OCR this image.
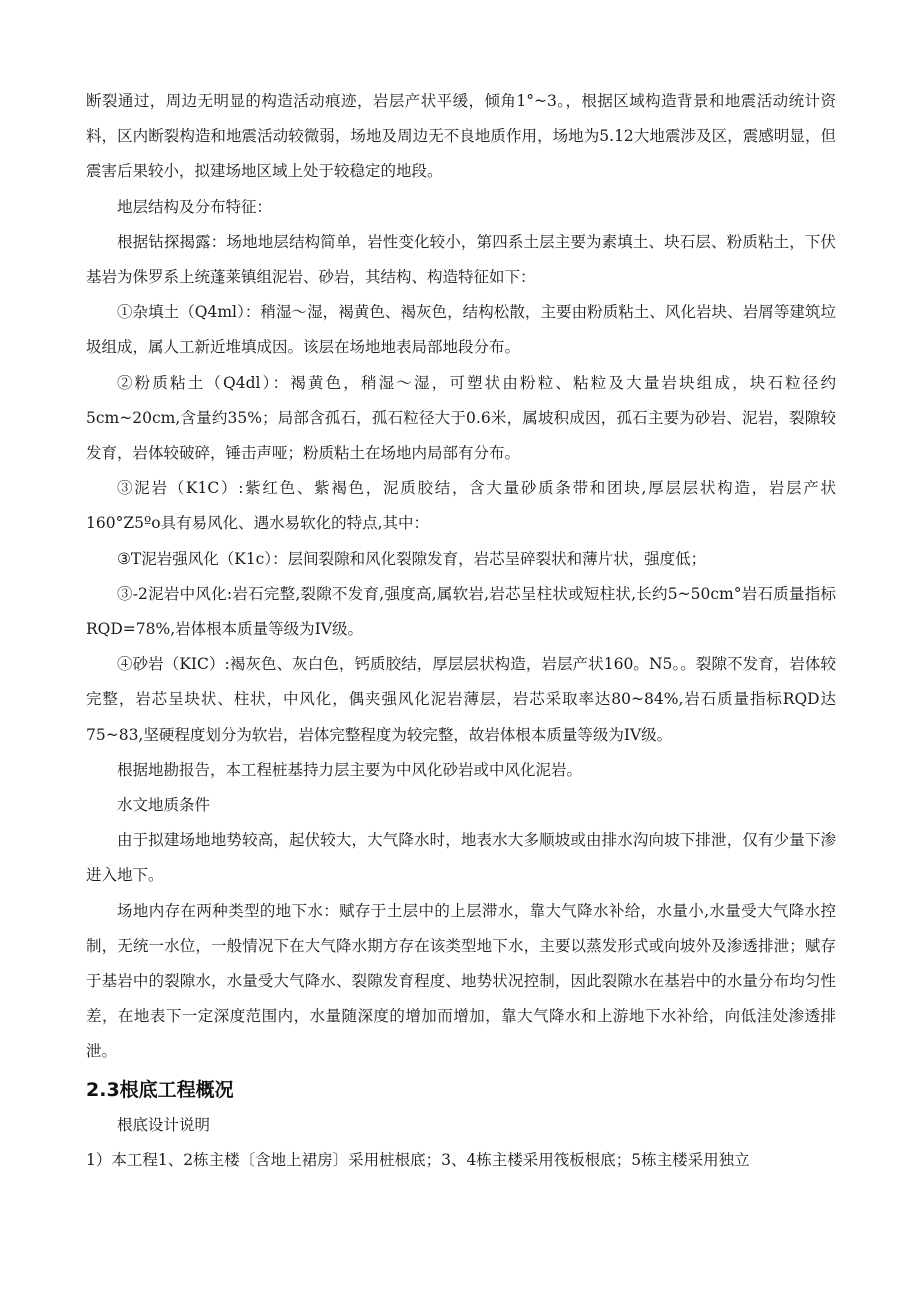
断裂通过，周边无明显的构造活动痕迹，岩层产状平缓，倾角1°~3。，根据区域构造背景和地震活动统计资料，区内断裂构造和地震活动较微弱，场地及周边无不良地质作用，场地为5.12大地震涉及区，震感明显，但震害后果较小，拟建场地区域上处于较稳定的地段。

地层结构及分布特征：

根据钻探揭露：场地地层结构简单，岩性变化较小，第四系土层主要为素填土、块石层、粉质粘土，下伏基岩为侏罗系上统蓬莱镇组泥岩、砂岩，其结构、构造特征如下：

①杂填土（Q4ml）：稍湿～湿，褐黄色、褐灰色，结构松散，主要由粉质粘土、风化岩块、岩屑等建筑垃圾组成，属人工新近堆填成因。该层在场地地表局部地段分布。

②粉质粘土（Q4dl）：褐黄色，稍湿～湿，可塑状由粉粒、粘粒及大量岩块组成，块石粒径约5cm~20cm,含量约35%；局部含孤石，孤石粒径大于0.6米，属坡积成因，孤石主要为砂岩、泥岩，裂隙较发育，岩体较破碎，锤击声哑；粉质粘土在场地内局部有分布。

③泥岩（K1C）:紫红色、紫褐色，泥质胶结，含大量砂质条带和团块,厚层层状构造，岩层产状160°Z5ºo具有易风化、遇水易软化的特点,其中：

③T泥岩强风化（K1c）：层间裂隙和风化裂隙发育，岩芯呈碎裂状和薄片状，强度低；

③-2泥岩中风化:岩石完整,裂隙不发育,强度高,属软岩,岩芯呈柱状或短柱状,长约5~50cm°岩石质量指标RQD=78%,岩体根本质量等级为IV级。

④砂岩（KIC）:褐灰色、灰白色，钙质胶结，厚层层状构造，岩层产状160。N5。。裂隙不发育，岩体较完整，岩芯呈块状、柱状，中风化，偶夹强风化泥岩薄层，岩芯采取率达80~84%,岩石质量指标RQD达75~83,坚硬程度划分为软岩，岩体完整程度为较完整，故岩体根本质量等级为IV级。

根据地勘报告，本工程桩基持力层主要为中风化砂岩或中风化泥岩。

水文地质条件

由于拟建场地地势较高，起伏较大，大气降水时，地表水大多顺坡或由排水沟向坡下排泄，仅有少量下渗进入地下。

场地内存在两种类型的地下水：赋存于土层中的上层滞水，靠大气降水补给，水量小,水量受大气降水控制，无统一水位，一般情况下在大气降水期方存在该类型地下水，主要以蒸发形式或向坡外及渗透排泄；赋存于基岩中的裂隙水，水量受大气降水、裂隙发育程度、地势状况控制，因此裂隙水在基岩中的水量分布均匀性差，在地表下一定深度范围内，水量随深度的增加而增加，靠大气降水和上游地下水补给，向低洼处渗透排泄。

2.3根底工程概况

根底设计说明

1）本工程1、2栋主楼〔含地上裙房〕采用桩根底；3、4栋主楼采用筏板根底；5栋主楼采用独立
